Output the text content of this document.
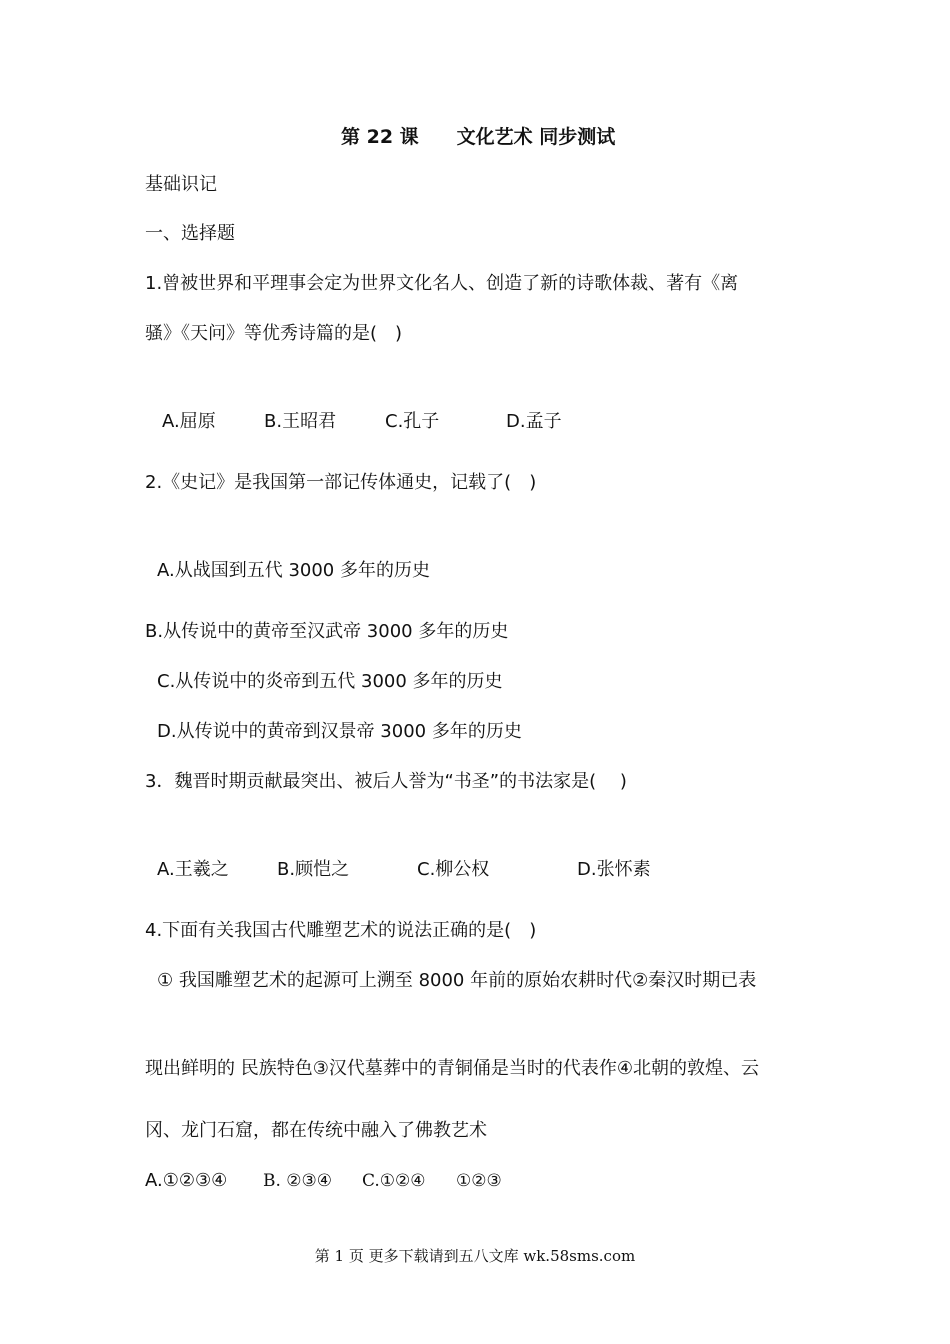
第 22 课　　文化艺术 同步测试
基础识记
一、选择题
1.曾被世界和平理事会定为世界文化名人、创造了新的诗歌体裁、著有《离
骚》《天问》等优秀诗篇的是(　)
A.屈原	B.王昭君	C.孔子	D.孟子
2.《史记》是我国第一部记传体通史，记载了(　)
A.从战国到五代 3000 多年的历史
B.从传说中的黄帝至汉武帝 3000 多年的历史
C.从传说中的炎帝到五代 3000 多年的历史
D.从传说中的黄帝到汉景帝 3000 多年的历史
3．魏晋时期贡献最突出、被后人誉为“书圣”的书法家是(　 )
A.王羲之	B.顾恺之	C.柳公权	D.张怀素
4.下面有关我国古代雕塑艺术的说法正确的是(　)
① 我国雕塑艺术的起源可上溯至 8000 年前的原始农耕时代②秦汉时期已表
现出鲜明的 民族特色③汉代墓葬中的青铜俑是当时的代表作④北朝的敦煌、云
冈、龙门石窟，都在传统中融入了佛教艺术
A.①②③④ B. ②③④ C.①②④ ①②③
第 1 页 更多下载请到五八文库 wk.58sms.com
